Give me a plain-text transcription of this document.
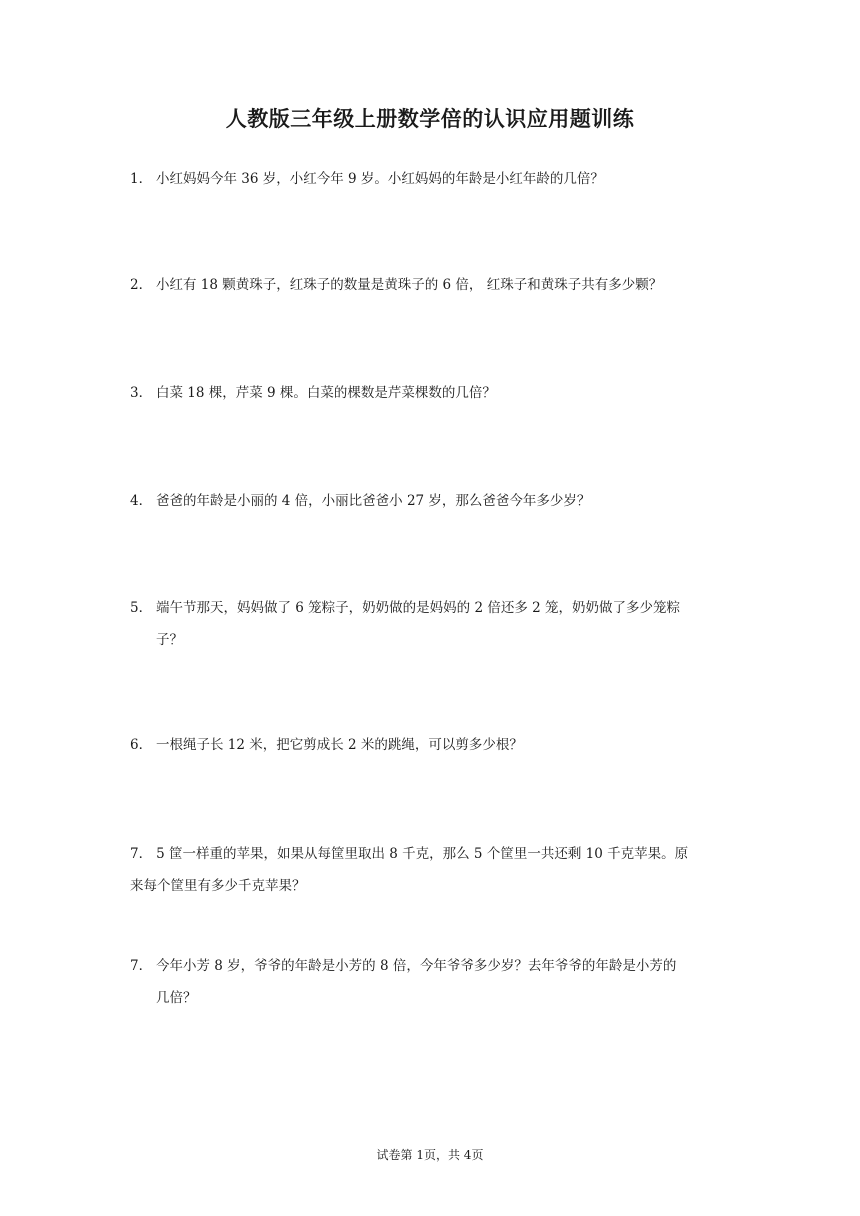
人教版三年级上册数学倍的认识应用题训练
1． 小红妈妈今年 36 岁，小红今年 9 岁。小红妈妈的年龄是小红年龄的几倍？
2． 小红有 18 颗黄珠子，红珠子的数量是黄珠子的 6 倍， 红珠子和黄珠子共有多少颗？
3． 白菜 18 棵，芹菜 9 棵。白菜的棵数是芹菜棵数的几倍？
4． 爸爸的年龄是小丽的 4 倍，小丽比爸爸小 27 岁，那么爸爸今年多少岁？
5． 端午节那天，妈妈做了 6 笼粽子，奶奶做的是妈妈的 2 倍还多 2 笼，奶奶做了多少笼粽
子？
6． 一根绳子长 12 米，把它剪成长 2 米的跳绳，可以剪多少根？
7． 5 筐一样重的苹果，如果从每筐里取出 8 千克，那么 5 个筐里一共还剩 10 千克苹果。原
来每个筐里有多少千克苹果？
7． 今年小芳 8 岁，爷爷的年龄是小芳的 8 倍，今年爷爷多少岁？去年爷爷的年龄是小芳的
几倍？
试卷第 1页，共 4页
